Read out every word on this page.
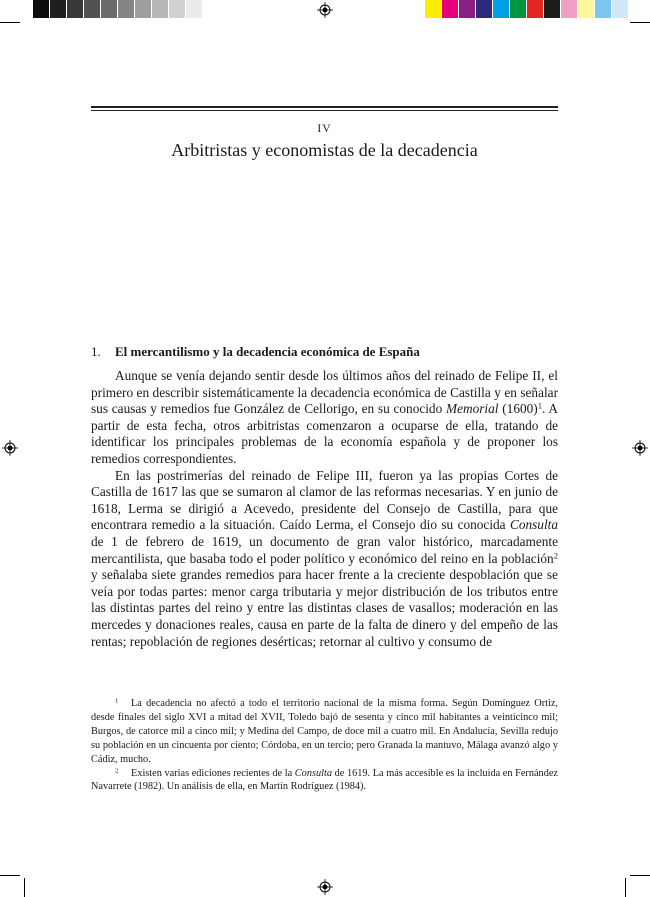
IV
Arbitristas y economistas de la decadencia
1. El mercantilismo y la decadencia económica de España

Aunque se venía dejando sentir desde los últimos años del reinado de Felipe II, el primero en describir sistemáticamente la decadencia económica de Castilla y en señalar sus causas y remedios fue González de Cellorigo, en su conocido Memorial $(1600)^1$. A partir de esta fecha, otros arbitristas comenzaron a ocuparse de ella, tratando de identificar los principales problemas de la economía española y de proponer los remedios correspondientes.

En las postrimerías del reinado de Felipe III, fueron ya las propias Cortes de Castilla de 1617 las que se sumaron al clamor de las reformas necesarias. Y en junio de 1618, Lerma se dirigió a Acevedo, presidente del Consejo de Castilla, para que encontrara remedio a la situación. Caído Lerma, el Consejo dio su conocida Consulta de 1 de febrero de 1619, un documento de gran valor histórico, marcadamente mercantilista, que basaba todo el poder político y económico del reino en la población$^2$ y señalaba siete grandes remedios para hacer frente a la creciente despoblación que se veía por todas partes: menor carga tributaria y mejor distribución de los tributos entre las distintas partes del reino y entre las distintas clases de vasallos; moderación en las mercedes y donaciones reales, causa en parte de la falta de dinero y del empeño de las rentas; repoblación de regiones desérticas; retornar al cultivo y consumo de

$^1$ La decadencia no afectó a todo el territorio nacional de la misma forma. Según Domínguez Ortiz, desde finales del siglo XVI a mitad del XVII, Toledo bajó de sesenta y cinco mil habitantes a veinticinco mil; Burgos, de catorce mil a cinco mil; y Medina del Campo, de doce mil a cuatro mil. En Andalucía, Sevilla redujo su población en un cincuenta por ciento; Córdoba, en un tercio; pero Granada la mantuvo, Málaga avanzó algo y Cádiz, mucho.

$^2$ Existen varias ediciones recientes de la Consulta de 1619. La más accesible es la incluida en Fernández Navarrete (1982). Un análisis de ella, en Martín Rodríguez (1984).
